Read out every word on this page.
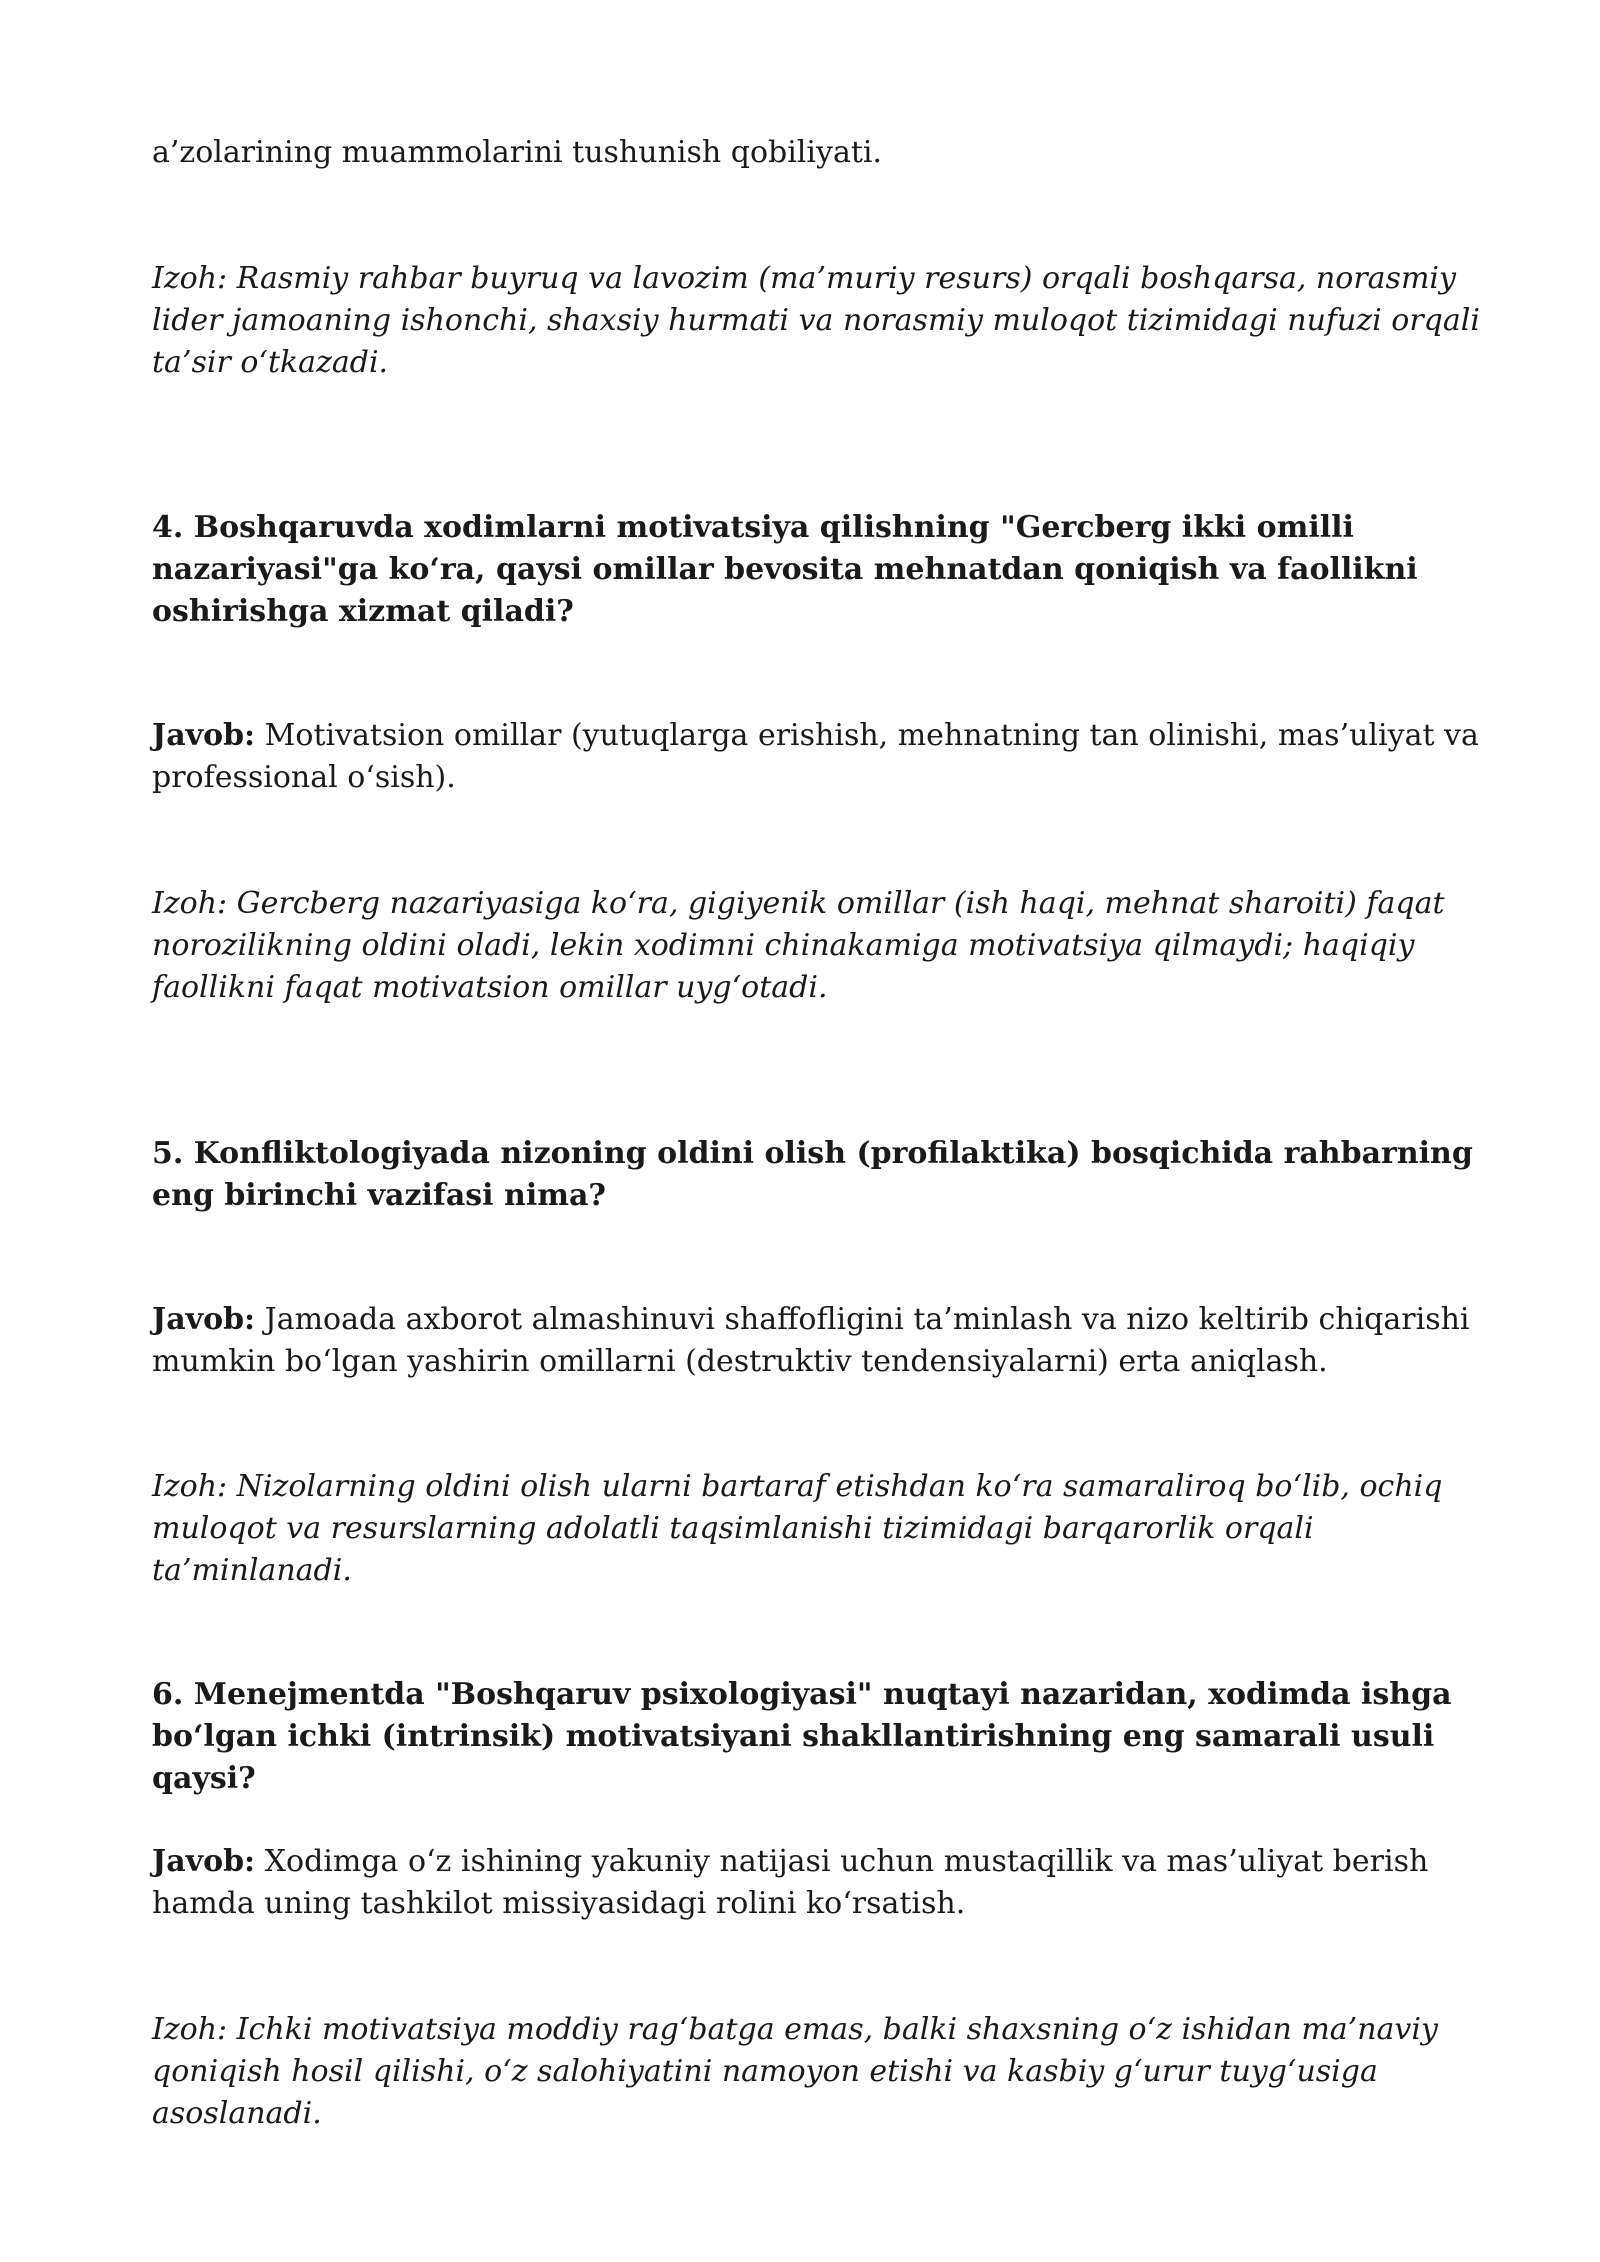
a’zolarining muammolarini tushunish qobiliyati.

Izoh: Rasmiy rahbar buyruq va lavozim (ma’muriy resurs) orqali boshqarsa, norasmiy lider jamoaning ishonchi, shaxsiy hurmati va norasmiy muloqot tizimidagi nufuzi orqali ta’sir o‘tkazadi.

4. Boshqaruvda xodimlarni motivatsiya qilishning "Gercberg ikki omilli nazariyasi"ga ko‘ra, qaysi omillar bevosita mehnatdan qoniqish va faollikni oshirishga xizmat qiladi?

Javob: Motivatsion omillar (yutuqlarga erishish, mehnatning tan olinishi, mas’uliyat va professional o‘sish).

Izoh: Gercberg nazariyasiga ko‘ra, gigiyenik omillar (ish haqi, mehnat sharoiti) faqat norozilikning oldini oladi, lekin xodimni chinakamiga motivatsiya qilmaydi; haqiqiy faollikni faqat motivatsion omillar uyg‘otadi.

5. Konfliktologiyada nizoning oldini olish (profilaktika) bosqichida rahbarning eng birinchi vazifasi nima?

Javob: Jamoada axborot almashinuvi shaffofligini ta’minlash va nizo keltirib chiqarishi mumkin bo‘lgan yashirin omillarni (destruktiv tendensiyalarni) erta aniqlash.

Izoh: Nizolarning oldini olish ularni bartaraf etishdan ko‘ra samaraliroq bo‘lib, ochiq muloqot va resurslarning adolatli taqsimlanishi tizimidagi barqarorlik orqali ta’minlanadi.

6. Menejmentda "Boshqaruv psixologiyasi" nuqtayi nazaridan, xodimda ishga bo‘lgan ichki (intrinsik) motivatsiyani shakllantirishning eng samarali usuli qaysi?

Javob: Xodimga o‘z ishining yakuniy natijasi uchun mustaqillik va mas’uliyat berish hamda uning tashkilot missiyasidagi rolini ko‘rsatish.

Izoh: Ichki motivatsiya moddiy rag‘batga emas, balki shaxsning o‘z ishidan ma’naviy qoniqish hosil qilishi, o‘z salohiyatini namoyon etishi va kasbiy g‘urur tuyg‘usiga asoslanadi.
